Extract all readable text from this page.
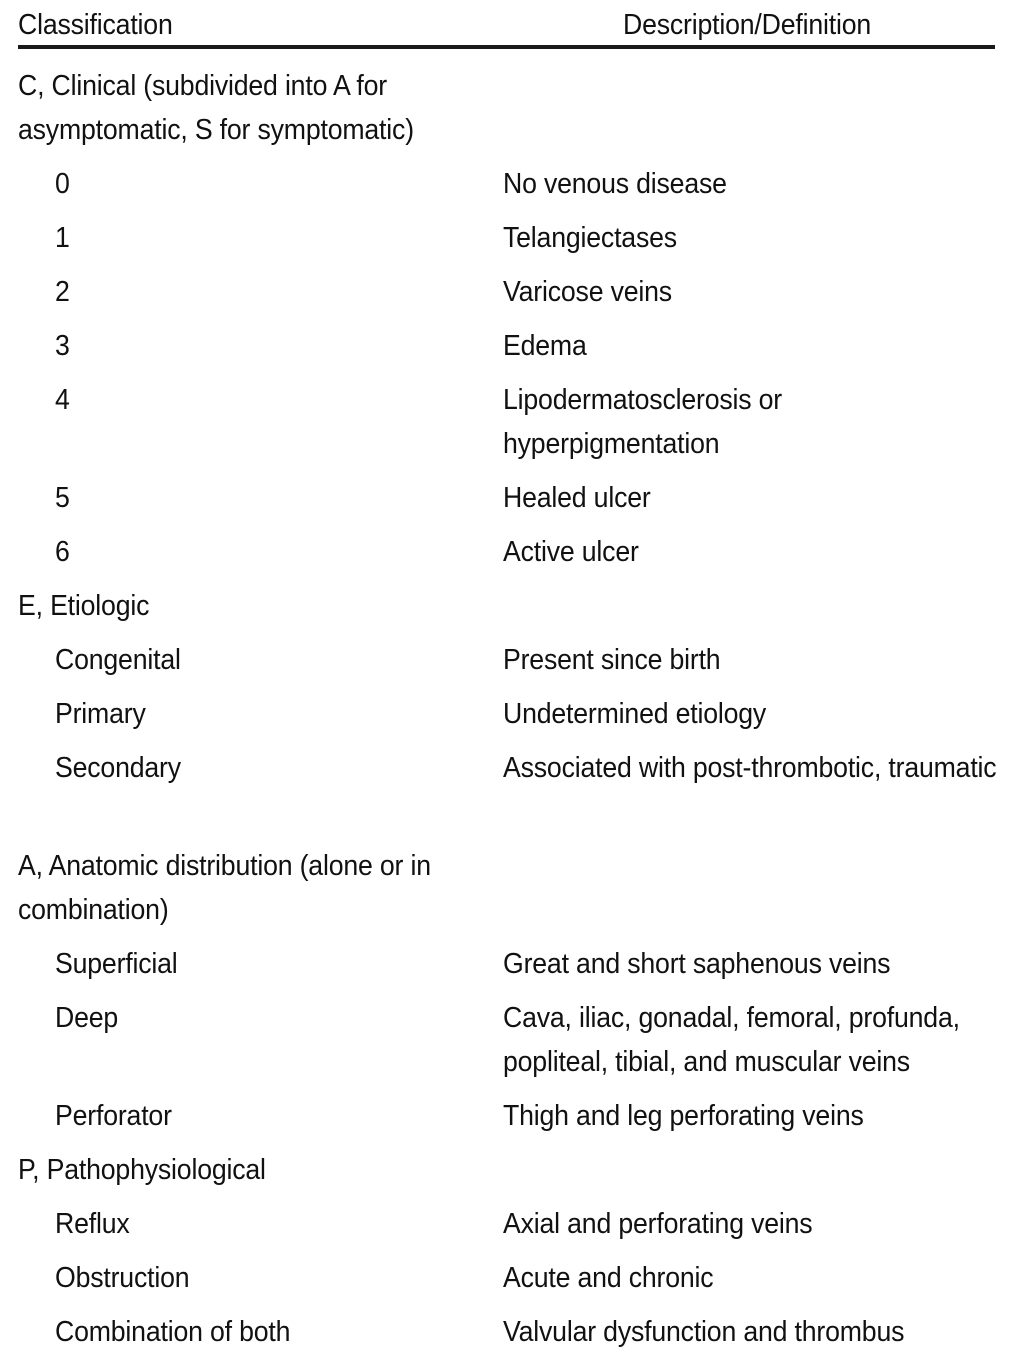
Classification	Description/Definition
C, Clinical (subdivided into A for asymptomatic, S for symptomatic)
0	No venous disease
1	Telangiectases
2	Varicose veins
3	Edema
4	Lipodermatosclerosis or hyperpigmentation
5	Healed ulcer
6	Active ulcer
E, Etiologic
Congenital	Present since birth
Primary	Undetermined etiology
Secondary	Associated with post-thrombotic, traumatic
A, Anatomic distribution (alone or in combination)
Superficial	Great and short saphenous veins
Deep	Cava, iliac, gonadal, femoral, profunda, popliteal, tibial, and muscular veins
Perforator	Thigh and leg perforating veins
P, Pathophysiological
Reflux	Axial and perforating veins
Obstruction	Acute and chronic
Combination of both	Valvular dysfunction and thrombus
